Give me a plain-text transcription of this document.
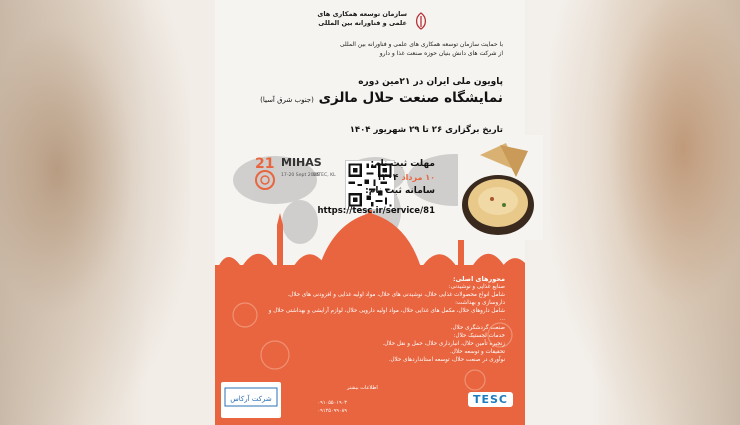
سازمان توسعه همکاری های
علمی و فناورانه بین المللی
با حمایت سازمان توسعه همکاری های علمی و فناورانه بین المللی
از شرکت های دانش بنیان حوزه صنعت غذا و دارو
پاویون ملی ایران در ۲۱مین دوره
نمایشگاه صنعت حلال مالزی (جنوب شرق آسیا)
تاریخ برگزاری ۲۶ تا ۲۹ شهریور ۱۴۰۴
21 MIHAS
17-20 Sept 2025
MITEC, KL
مهلت ثبت نام:
۱۰ مرداد ۱۴۰۴
سامانه ثبت نام:
https://tesc.ir/service/81
محورهای اصلی:
صنایع غذایی و نوشیدنی:
شامل انواع محصولات غذایی حلال، نوشیدنی های حلال، مواد اولیه غذایی و افزودنی های حلال.
داروسازی و بهداشت:
شامل داروهای حلال، مکمل های غذایی حلال، مواد اولیه دارویی حلال، لوازم آرایشی و بهداشتی حلال و ...
صنعت گردشگری حلال.
خدمات لجستیک حلال:
زنجیره تأمین حلال، انبارداری حلال، حمل و نقل حلال.
تحقیقات و توسعه حلال.
نوآوری در صنعت حلال، توسعه استانداردهای حلال.
شرکت آرکاس
اطلاعات بیشتر
۰۹۱۰۵۵۰۱۹۰۳
۰۹۱۲۵۰۹۹۰۸۹
TESC
